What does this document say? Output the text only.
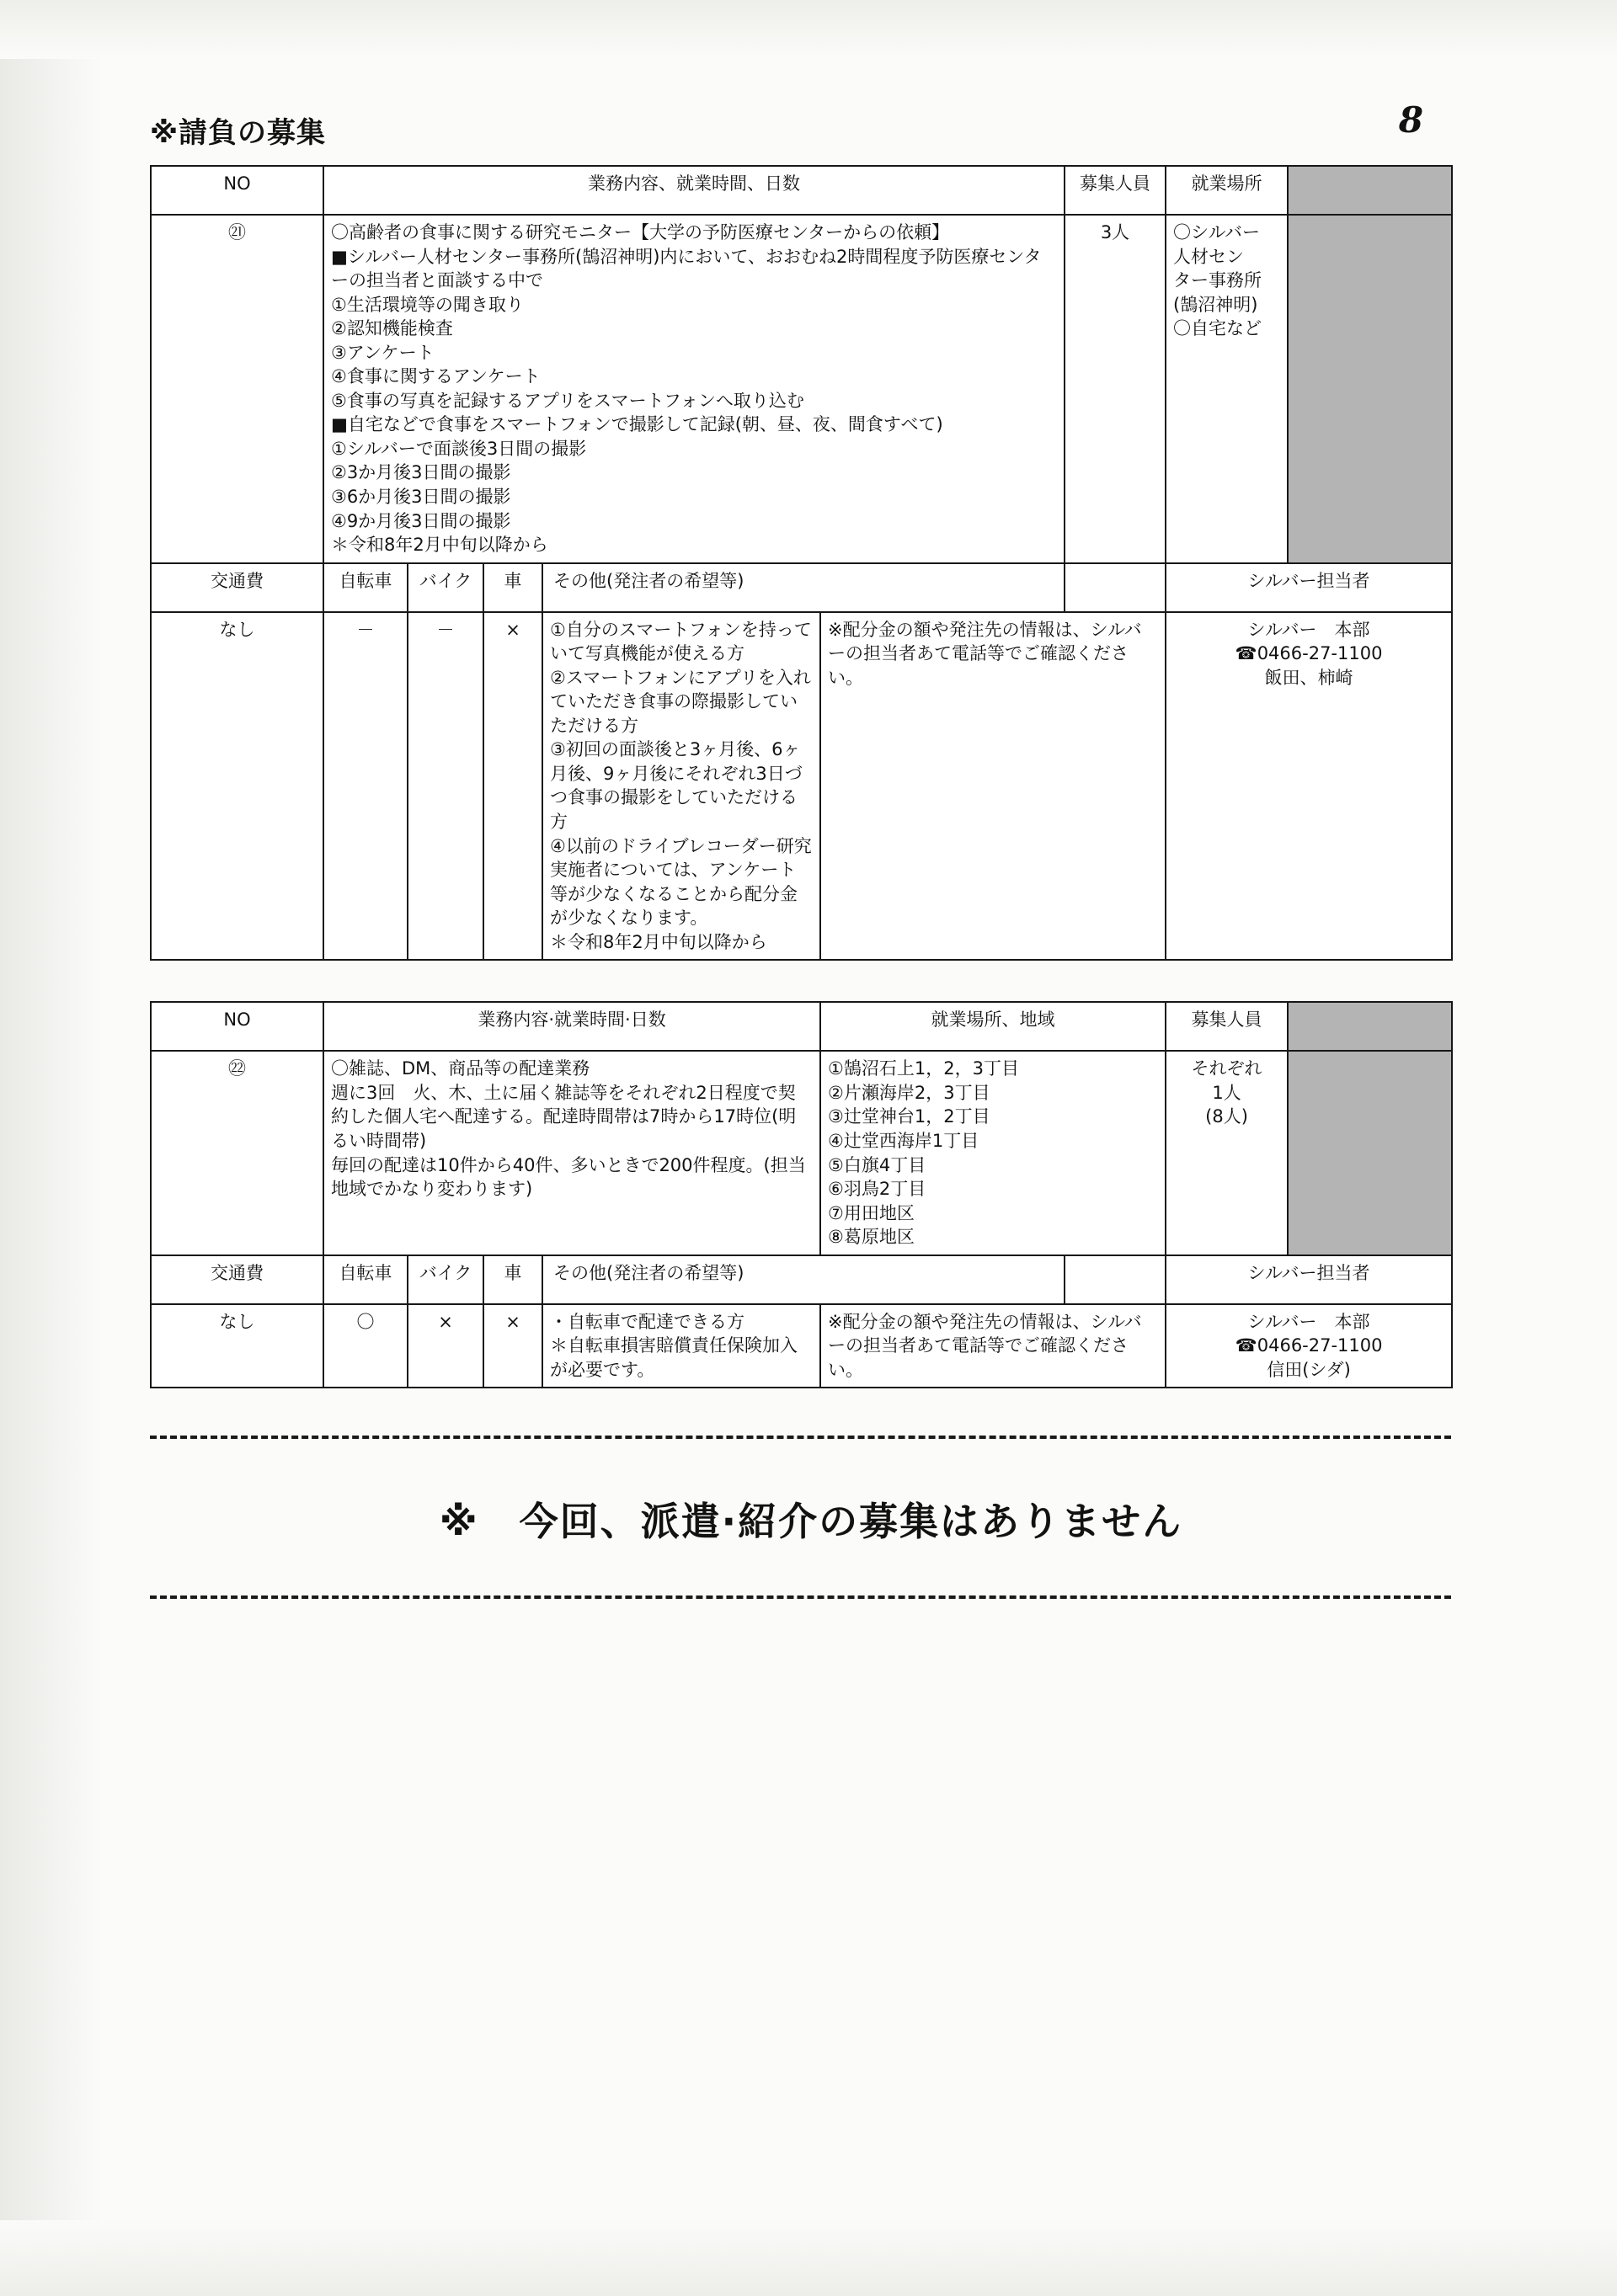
※請負の募集	8
NO	業務内容、就業時間、日数					募集人員	就業場所	
㉑	〇高齢者の食事に関する研究モニター【大学の予防医療センターからの依頼】
■シルバー人材センター事務所(鵠沼神明)内において、おおむね2時間程度予防医療センターの担当者と面談する中で
①生活環境等の聞き取り
②認知機能検査
③アンケート
④食事に関するアンケート
⑤食事の写真を記録するアプリをスマートフォンへ取り込む
■自宅などで食事をスマートフォンで撮影して記録(朝、昼、夜、間食すべて)
①シルバーで面談後3日間の撮影
②3か月後3日間の撮影
③6か月後3日間の撮影
④9か月後3日間の撮影
＊令和8年2月中旬以降から	3人	〇シルバー
人材セン
ター事務所
(鵠沼神明)
〇自宅など	
交通費	自転車	バイク	車	その他(発注者の希望等)			シルバー担当者	
なし	－	－	×	①自分のスマートフォンを持っていて写真機能が使える方
②スマートフォンにアプリを入れていただき食事の際撮影していただける方
③初回の面談後と3ヶ月後、6ヶ月後、9ヶ月後にそれぞれ3日づつ食事の撮影をしていただける方
④以前のドライブレコーダー研究実施者については、アンケート等が少なくなることから配分金が少なくなります。
＊令和8年2月中旬以降から	※配分金の額や発注先の情報は、シルバーの担当者あて電話等でご確認ください。		シルバー　本部
☎0466-27-1100
飯田、柿崎	
NO	業務内容·就業時間·日数				就業場所、地域		募集人員	
㉒	〇雑誌、DM、商品等の配達業務
週に3回　火、木、土に届く雑誌等をそれぞれ2日程度で契約した個人宅へ配達する。配達時間帯は7時から17時位(明るい時間帯)
毎回の配達は10件から40件、多いときで200件程度。(担当地域でかなり変わります)	①鵠沼石上1，2，3丁目
②片瀬海岸2，3丁目
③辻堂神台1，2丁目
④辻堂西海岸1丁目
⑤白旗4丁目
⑥羽鳥2丁目
⑦用田地区
⑧葛原地区	それぞれ
1人
(8人)	
交通費	自転車	バイク	車	その他(発注者の希望等)			シルバー担当者	
なし	〇	×	×	・自転車で配達できる方
＊自転車損害賠償責任保険加入が必要です。	※配分金の額や発注先の情報は、シルバーの担当者あて電話等でご確認ください。		シルバー　本部
☎0466-27-1100
信田(シダ)	
※　今回、派遣·紹介の募集はありません
